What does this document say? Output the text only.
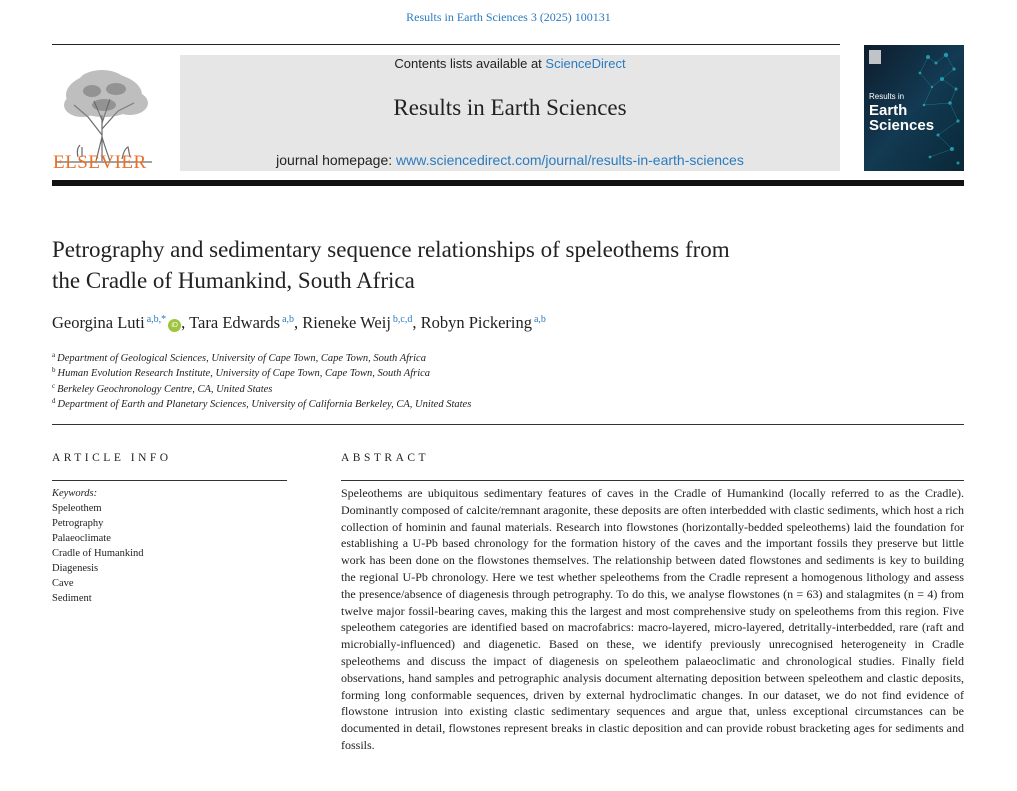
Results in Earth Sciences 3 (2025) 100131
ELSEVIER
Contents lists available at ScienceDirect
Results in Earth Sciences
journal homepage: www.sciencedirect.com/journal/results-in-earth-sciences
Results in
Earth
Sciences
Petrography and sedimentary sequence relationships of speleothems from
the Cradle of Humankind, South Africa
Georgina Luti $^{a,b,*}$iD , Tara Edwards $^{a,b}$, Rieneke Weij $^{b,c,d}$, Robyn Pickering $^{a,b}$
$^a$ Department of Geological Sciences, University of Cape Town, Cape Town, South Africa
$^b$ Human Evolution Research Institute, University of Cape Town, Cape Town, South Africa
$^c$ Berkeley Geochronology Centre, CA, United States
$^d$ Department of Earth and Planetary Sciences, University of California Berkeley, CA, United States
ARTICLE INFO	ABSTRACT
Keywords:
Speleothem
Petrography
Palaeoclimate
Cradle of Humankind
Diagenesis
Cave
Sediment
Speleothems are ubiquitous sedimentary features of caves in the Cradle of Humankind (locally referred to as the Cradle). Dominantly composed of calcite/remnant aragonite, these deposits are often interbedded with clastic sediments, which host a rich collection of hominin and faunal materials. Research into flowstones (horizontally-bedded speleothems) laid the foundation for establishing a U-Pb based chronology for the formation history of the caves and the important fossils they preserve but little work has been done on the flowstones themselves. The relationship between dated flowstones and sediments is key to building the regional U-Pb chronology. Here we test whether speleothems from the Cradle represent a homogenous lithology and assess the presence/absence of diagenesis through petrography. To do this, we analyse flowstones (n = 63) and stalagmites (n = 4) from twelve major fossil-bearing caves, making this the largest and most comprehensive study on speleothems from this region. Five speleothem categories are identified based on macrofabrics: macro-layered, micro-layered, detritally-interbedded, rare (raft and microbially-influenced) and diagenetic. Based on these, we identify previously unrecognised heterogeneity in Cradle speleothems and discuss the impact of diagenesis on speleothem palaeoclimatic and chronological studies. Finally field observations, hand samples and petrographic analysis document alternating deposition between speleothem and clastic deposits, forming long conformable sequences, driven by external hydroclimatic changes. In our dataset, we do not find evidence of flowstone intrusion into existing clastic sedimentary sequences and argue that, unless exceptional circumstances can be documented in detail, flowstones represent breaks in clastic deposition and can provide robust bracketing ages for sediments and fossils.
